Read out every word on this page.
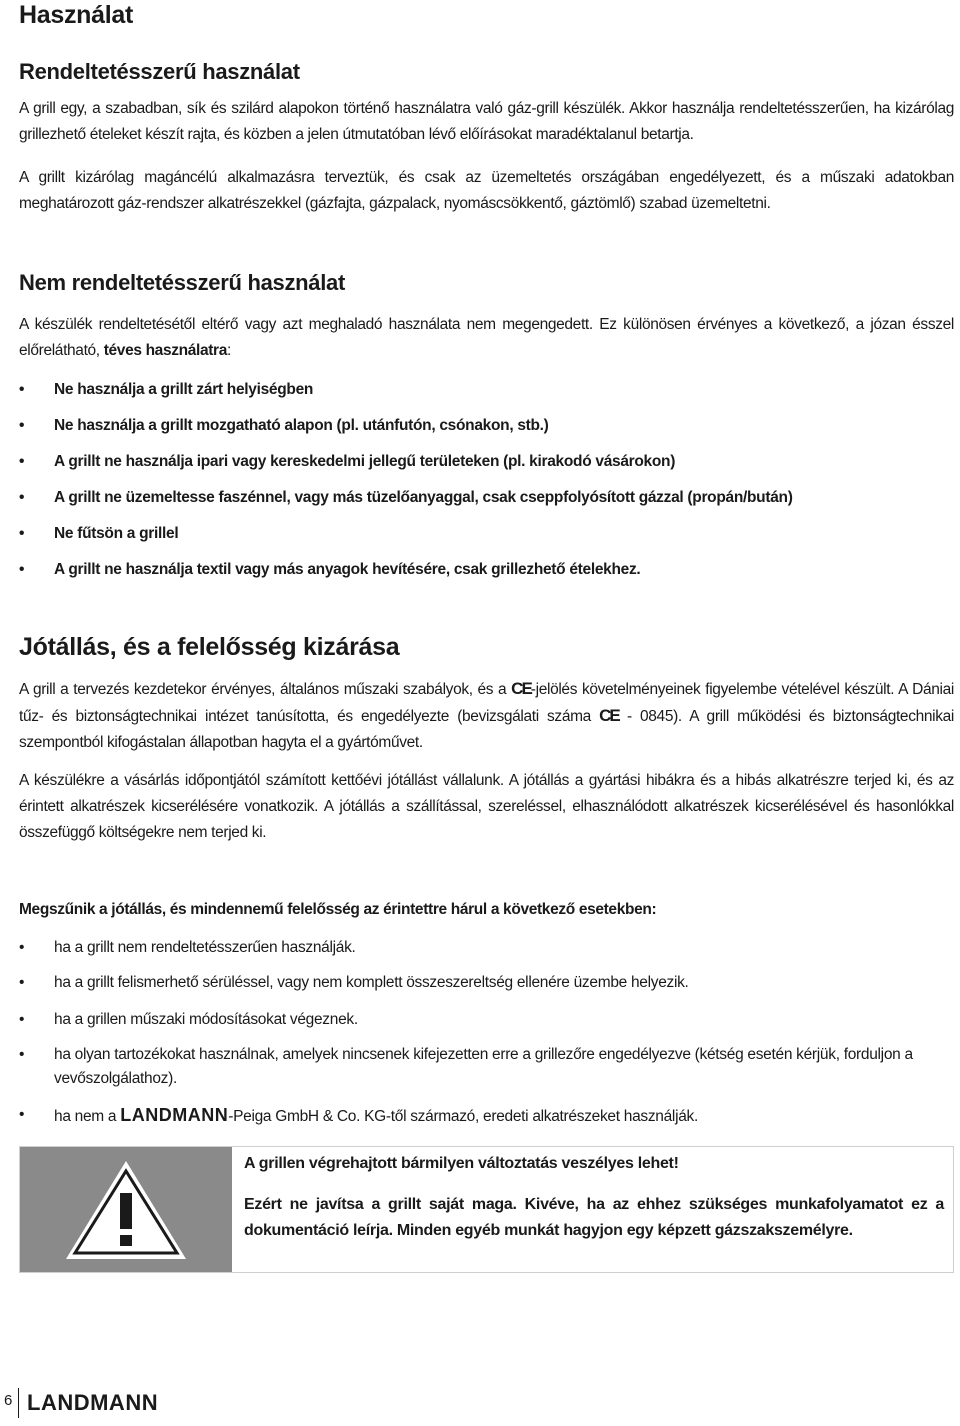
Használat
Rendeltetésszerű használat

A grill egy, a szabadban, sík és szilárd alapokon történő használatra való gáz-grill készülék. Akkor használja rendeltetésszerűen, ha kizárólag grillezhető ételeket készít rajta, és közben a jelen útmutatóban lévő előírásokat maradéktalanul betartja.

A grillt kizárólag magáncélú alkalmazásra terveztük, és csak az üzemeltetés országában engedélyezett, és a műszaki adatokban meghatározott gáz-rendszer alkatrészekkel (gázfajta, gázpalack, nyomáscsökkentő, gáztömlő) szabad üzemeltetni.

Nem rendeltetésszerű használat

A készülék rendeltetésétől eltérő vagy azt meghaladó használata nem megengedett. Ez különösen érvényes a következő, a józan ésszel előrelátható, téves használatra:

•	Ne használja a grillt zárt helyiségben
•	Ne használja a grillt mozgatható alapon (pl. utánfutón, csónakon, stb.)
•	A grillt ne használja ipari vagy kereskedelmi jellegű területeken (pl. kirakodó vásárokon)
•	A grillt ne üzemeltesse faszénnel, vagy más tüzelőanyaggal, csak cseppfolyósított gázzal (propán/bután)
•	Ne fűtsön a grillel
•	A grillt ne használja textil vagy más anyagok hevítésére, csak grillezhető ételekhez.
Jótállás, és a felelősség kizárása

A grill a tervezés kezdetekor érvényes, általános műszaki szabályok, és a CE-jelölés követelményeinek figyelembe vételével készült. A Dániai tűz- és biztonságtechnikai intézet tanúsította, és engedélyezte (bevizsgálati száma CE - 0845). A grill működési és biztonságtechnikai szempontból kifogástalan állapotban hagyta el a gyártóművet.

A készülékre a vásárlás időpontjától számított kettőévi jótállást vállalunk. A jótállás a gyártási hibákra és a hibás alkatrészre terjed ki, és az érintett alkatrészek kicserélésére vonatkozik. A jótállás a szállítással, szereléssel, elhasználódott alkatrészek kicserélésével és hasonlókkal összefüggő költségekre nem terjed ki.

Megszűnik a jótállás, és mindennemű felelősség az érintettre hárul a következő esetekben:

•	ha a grillt nem rendeltetésszerűen használják.
•	ha a grillt felismerhető sérüléssel, vagy nem komplett összeszereltség ellenére üzembe helyezik.
•	ha a grillen műszaki módosításokat végeznek.
•	ha olyan tartozékokat használnak, amelyek nincsenek kifejezetten erre a grillezőre engedélyezve (kétség esetén kérjük, forduljon a vevőszolgálathoz).
•	ha nem a LANDMANN-Peiga GmbH & Co. KG-től származó, eredeti alkatrészeket használják.
A grillen végrehajtott bármilyen változtatás veszélyes lehet!
Ezért ne javítsa a grillt saját maga. Kivéve, ha az ehhez szükséges munkafolyamatot ez a dokumentáció leírja. Minden egyéb munkát hagyjon egy képzett gázszakszemélyre.
6 LANDMANN
